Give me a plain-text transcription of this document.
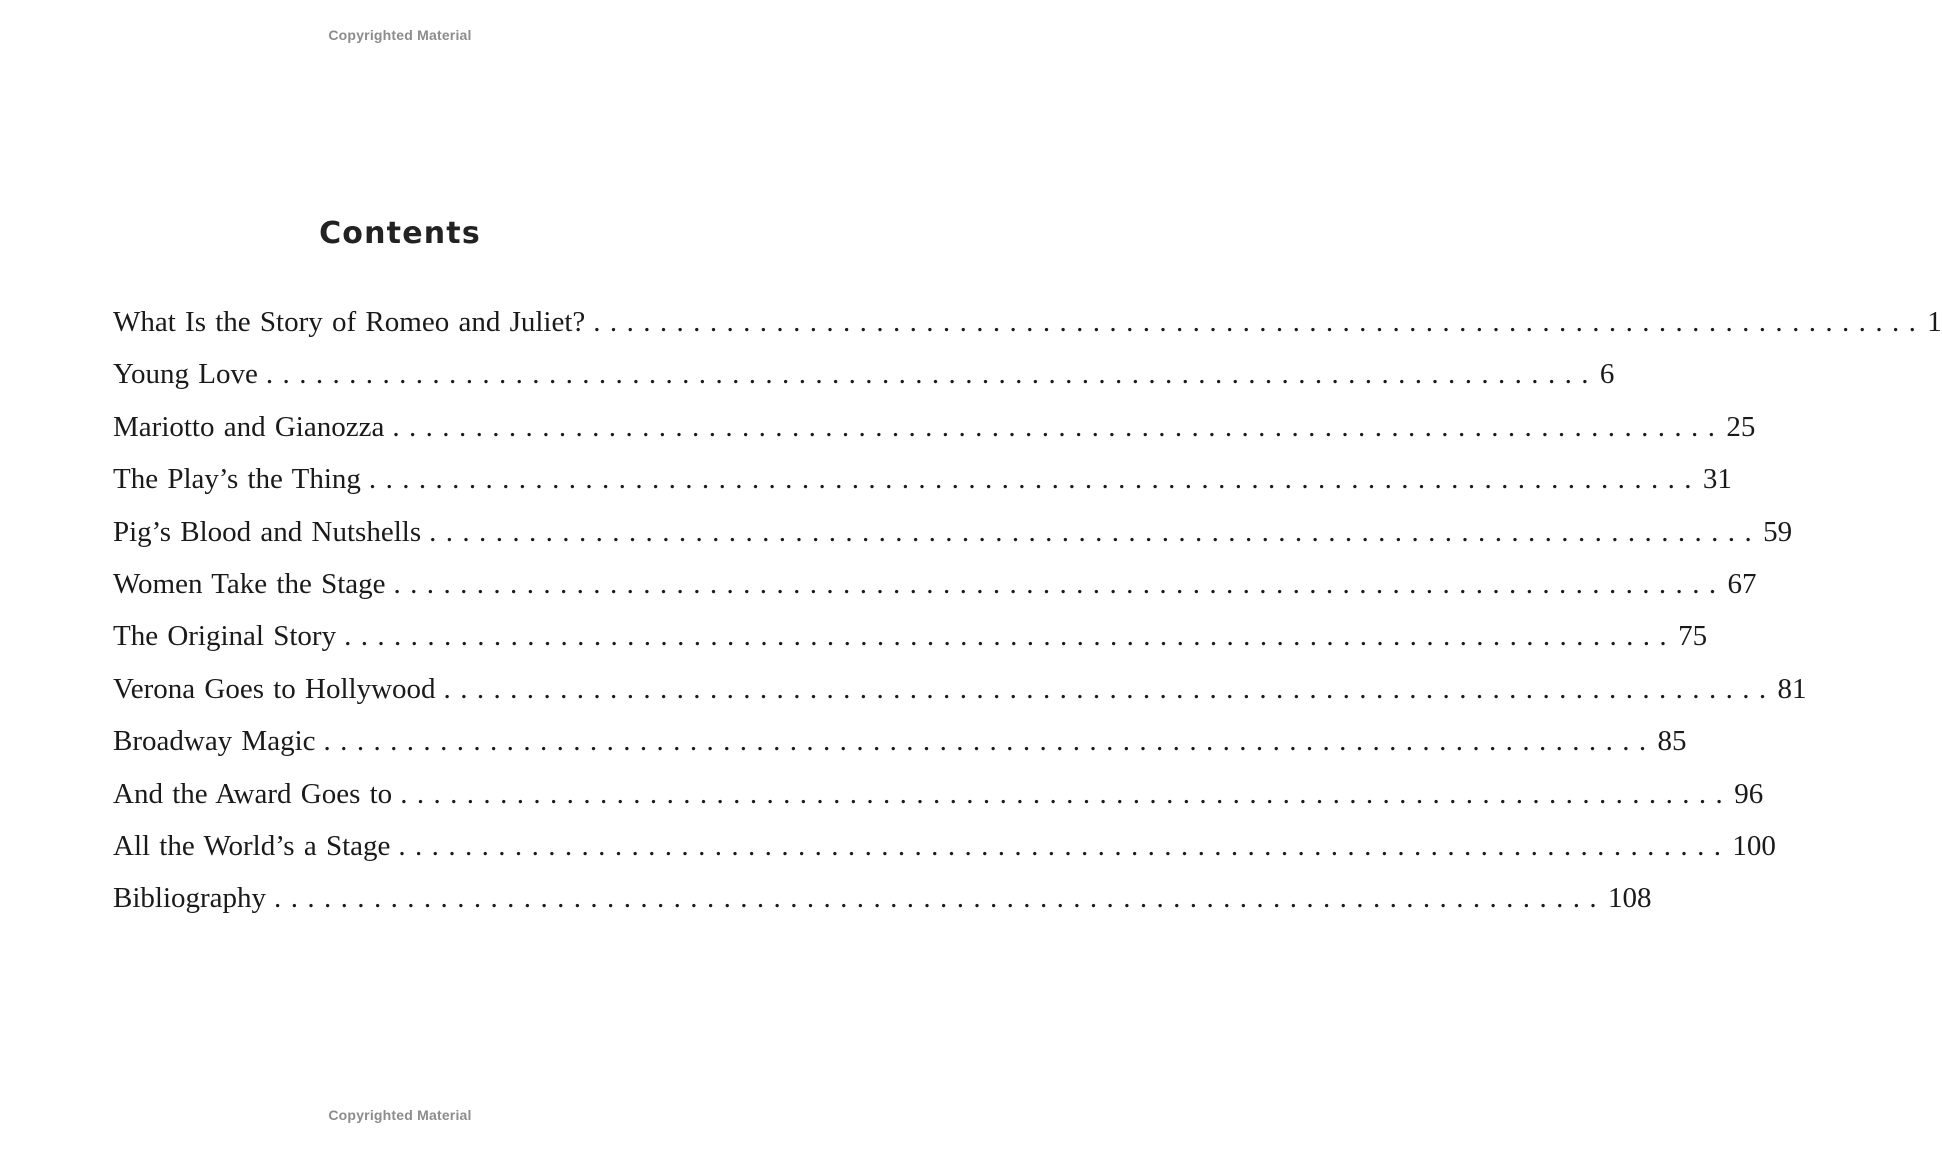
Copyrighted Material
Contents
What Is the Story of Romeo and Juliet? ................................................................................ 1
Young Love ................................................................................ 6
Mariotto and Gianozza ................................................................................ 25
The Play’s the Thing ................................................................................ 31
Pig’s Blood and Nutshells ................................................................................ 59
Women Take the Stage ................................................................................ 67
The Original Story ................................................................................ 75
Verona Goes to Hollywood ................................................................................ 81
Broadway Magic ................................................................................ 85
And the Award Goes to ................................................................................ 96
All the World’s a Stage ................................................................................ 100
Bibliography ................................................................................ 108
Copyrighted Material
